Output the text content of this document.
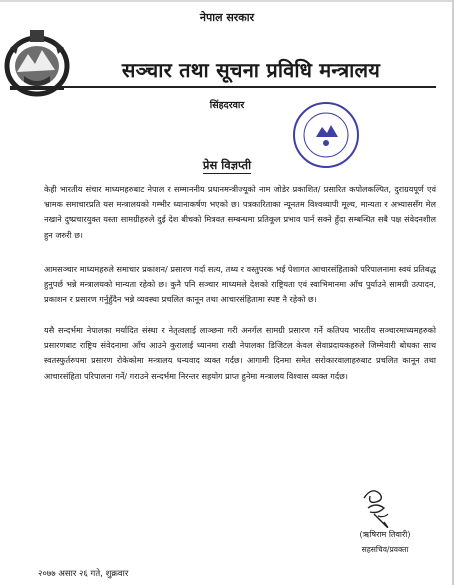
नेपाल सरकार
सञ्चार तथा सूचना प्रविधि मन्त्रालय
सिंहदरवार
प्रेस विज्ञप्ती

केही भारतीय संचार माध्यमहरुबाट नेपाल र सम्माननीय प्रधानमन्त्रीज्यूको नाम जोडेर प्रकाशित/ प्रसारित कपोलकल्पित, दुराग्रयपूर्ण एवं भ्रामक समाचारप्रति यस मन्त्रालयको गम्भीर ध्यानाकर्षण भएको छ। पत्रकारिताका न्यूनतम विश्वव्यापी मूल्य, मान्यता र अभ्याससँग मेल नखाने दुष्प्रचारयुक्त यस्ता सामग्रीहरुले दुई देश बीचको मित्रवत सम्बन्धमा प्रतिकूल प्रभाव पार्न सक्ने हुँदा सम्बन्धित सबै पक्ष संवेदनशील हुन जरुरी छ।

आमसञ्चार माध्यमहरुले समाचार प्रकाशन/ प्रसारण गर्दा सत्य, तथ्य र वस्तुपरक भई पेशागत आचारसंहिताको परिपालनामा स्वयं प्रतिबद्ध हुनुपर्छ भन्ने मन्त्रालयको मान्यता रहेको छ। कुनै पनि सञ्चार माध्यमले देशको राष्ट्रियता एवं स्वाभिमानमा आँच पुर्याउने सामग्री उत्पादन, प्रकाशन र प्रसारण गर्नुहुँदैन भन्ने व्यवस्था प्रचलित कानून तथा आचारसंहितामा स्पष्ट नै रहेको छ।

यसै सन्दर्भमा नेपालका मर्यादित संस्था र नेतृत्वलाई लाञ्छना गरी अनर्गल सामग्री प्रसारण गर्ने कतिपय भारतीय सञ्चारमाध्यमहरुको प्रसारणबाट राष्ट्रिय संवेदनामा आँच आउने कुरालाई ध्यानमा राखी नेपालका डिजिटल केवल सेवाप्रदायकहरुले जिम्मेवारी बोधका साथ स्वतस्फुर्तरुपमा प्रसारण रोकेकोमा मन्त्रालय धन्यवाद व्यक्त गर्दछ। आगामी दिनमा समेत सरोकारवालाहरुबाट प्रचलित कानून तथा आचारसंहिता परिपालना गर्ने/ गराउने सन्दर्भमा निरन्तर सहयोग प्राप्त हुनेमा मन्त्रालय विश्वास व्यक्त गर्दछ।

(ऋषिराम तिवारी)
सहसचिव/प्रवक्ता
२०७७ असार २६ गते, शुक्रवार
